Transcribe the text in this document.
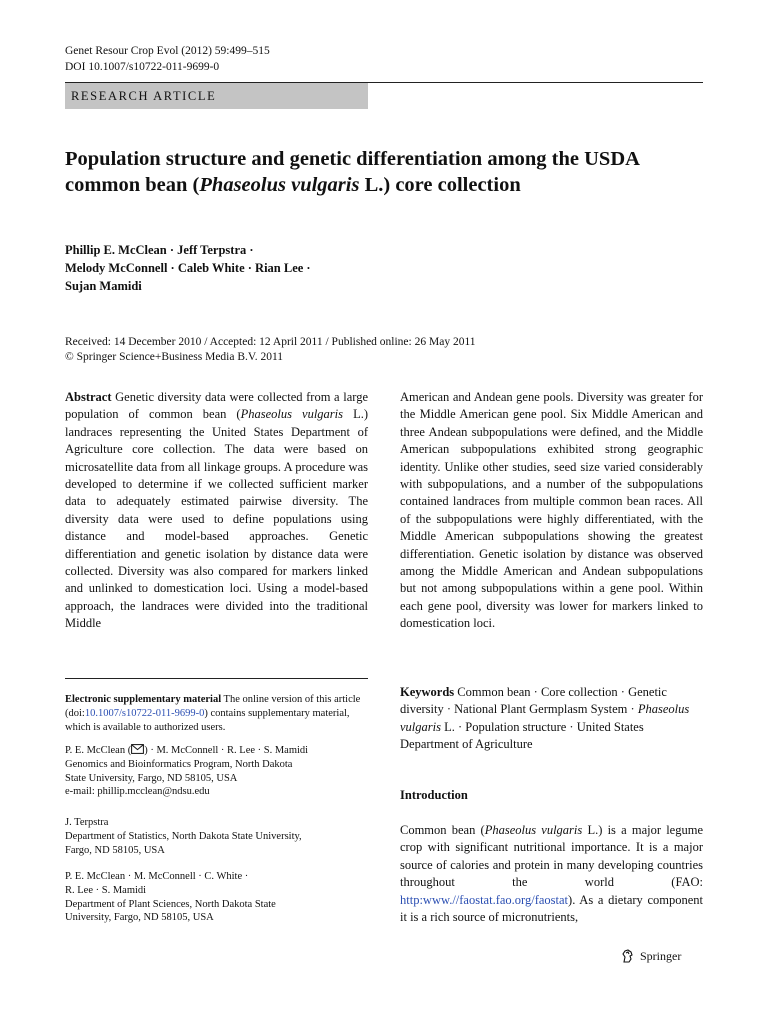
Genet Resour Crop Evol (2012) 59:499–515
DOI 10.1007/s10722-011-9699-0
RESEARCH ARTICLE
Population structure and genetic differentiation among the USDA common bean (Phaseolus vulgaris L.) core collection
Phillip E. McClean · Jeff Terpstra ·
Melody McConnell · Caleb White · Rian Lee ·
Sujan Mamidi
Received: 14 December 2010 / Accepted: 12 April 2011 / Published online: 26 May 2011
© Springer Science+Business Media B.V. 2011
Abstract Genetic diversity data were collected from a large population of common bean (Phaseolus vulgaris L.) landraces representing the United States Department of Agriculture core collection. The data were based on microsatellite data from all linkage groups. A procedure was developed to determine if we collected sufficient marker data to adequately estimated pairwise diversity. The diversity data were used to define populations using distance and model-based approaches. Genetic differentiation and genetic isolation by distance data were collected. Diversity was also compared for markers linked and unlinked to domestication loci. Using a model-based approach, the landraces were divided into the traditional Middle
American and Andean gene pools. Diversity was greater for the Middle American gene pool. Six Middle American and three Andean subpopulations were defined, and the Middle American subpopulations exhibited strong geographic identity. Unlike other studies, seed size varied considerably with subpopulations, and a number of the subpopulations contained landraces from multiple common bean races. All of the subpopulations were highly differentiated, with the Middle American subpopulations showing the greatest differentiation. Genetic isolation by distance was observed among the Middle American and Andean subpopulations but not among subpopulations within a gene pool. Within each gene pool, diversity was lower for markers linked to domestication loci.
Electronic supplementary material The online version of this article (doi:10.1007/s10722-011-9699-0) contains supplementary material, which is available to authorized users.
P. E. McClean ( ) · M. McConnell · R. Lee · S. Mamidi
Genomics and Bioinformatics Program, North Dakota
State University, Fargo, ND 58105, USA
e-mail: phillip.mcclean@ndsu.edu
J. Terpstra
Department of Statistics, North Dakota State University,
Fargo, ND 58105, USA
P. E. McClean · M. McConnell · C. White ·
R. Lee · S. Mamidi
Department of Plant Sciences, North Dakota State
University, Fargo, ND 58105, USA
Keywords Common bean · Core collection · Genetic diversity · National Plant Germplasm System · Phaseolus vulgaris L. · Population structure · United States Department of Agriculture
Introduction
Common bean (Phaseolus vulgaris L.) is a major legume crop with significant nutritional importance. It is a major source of calories and protein in many developing countries throughout the world (FAO: http:www.//faostat.fao.org/faostat). As a dietary component it is a rich source of micronutrients,
Springer
